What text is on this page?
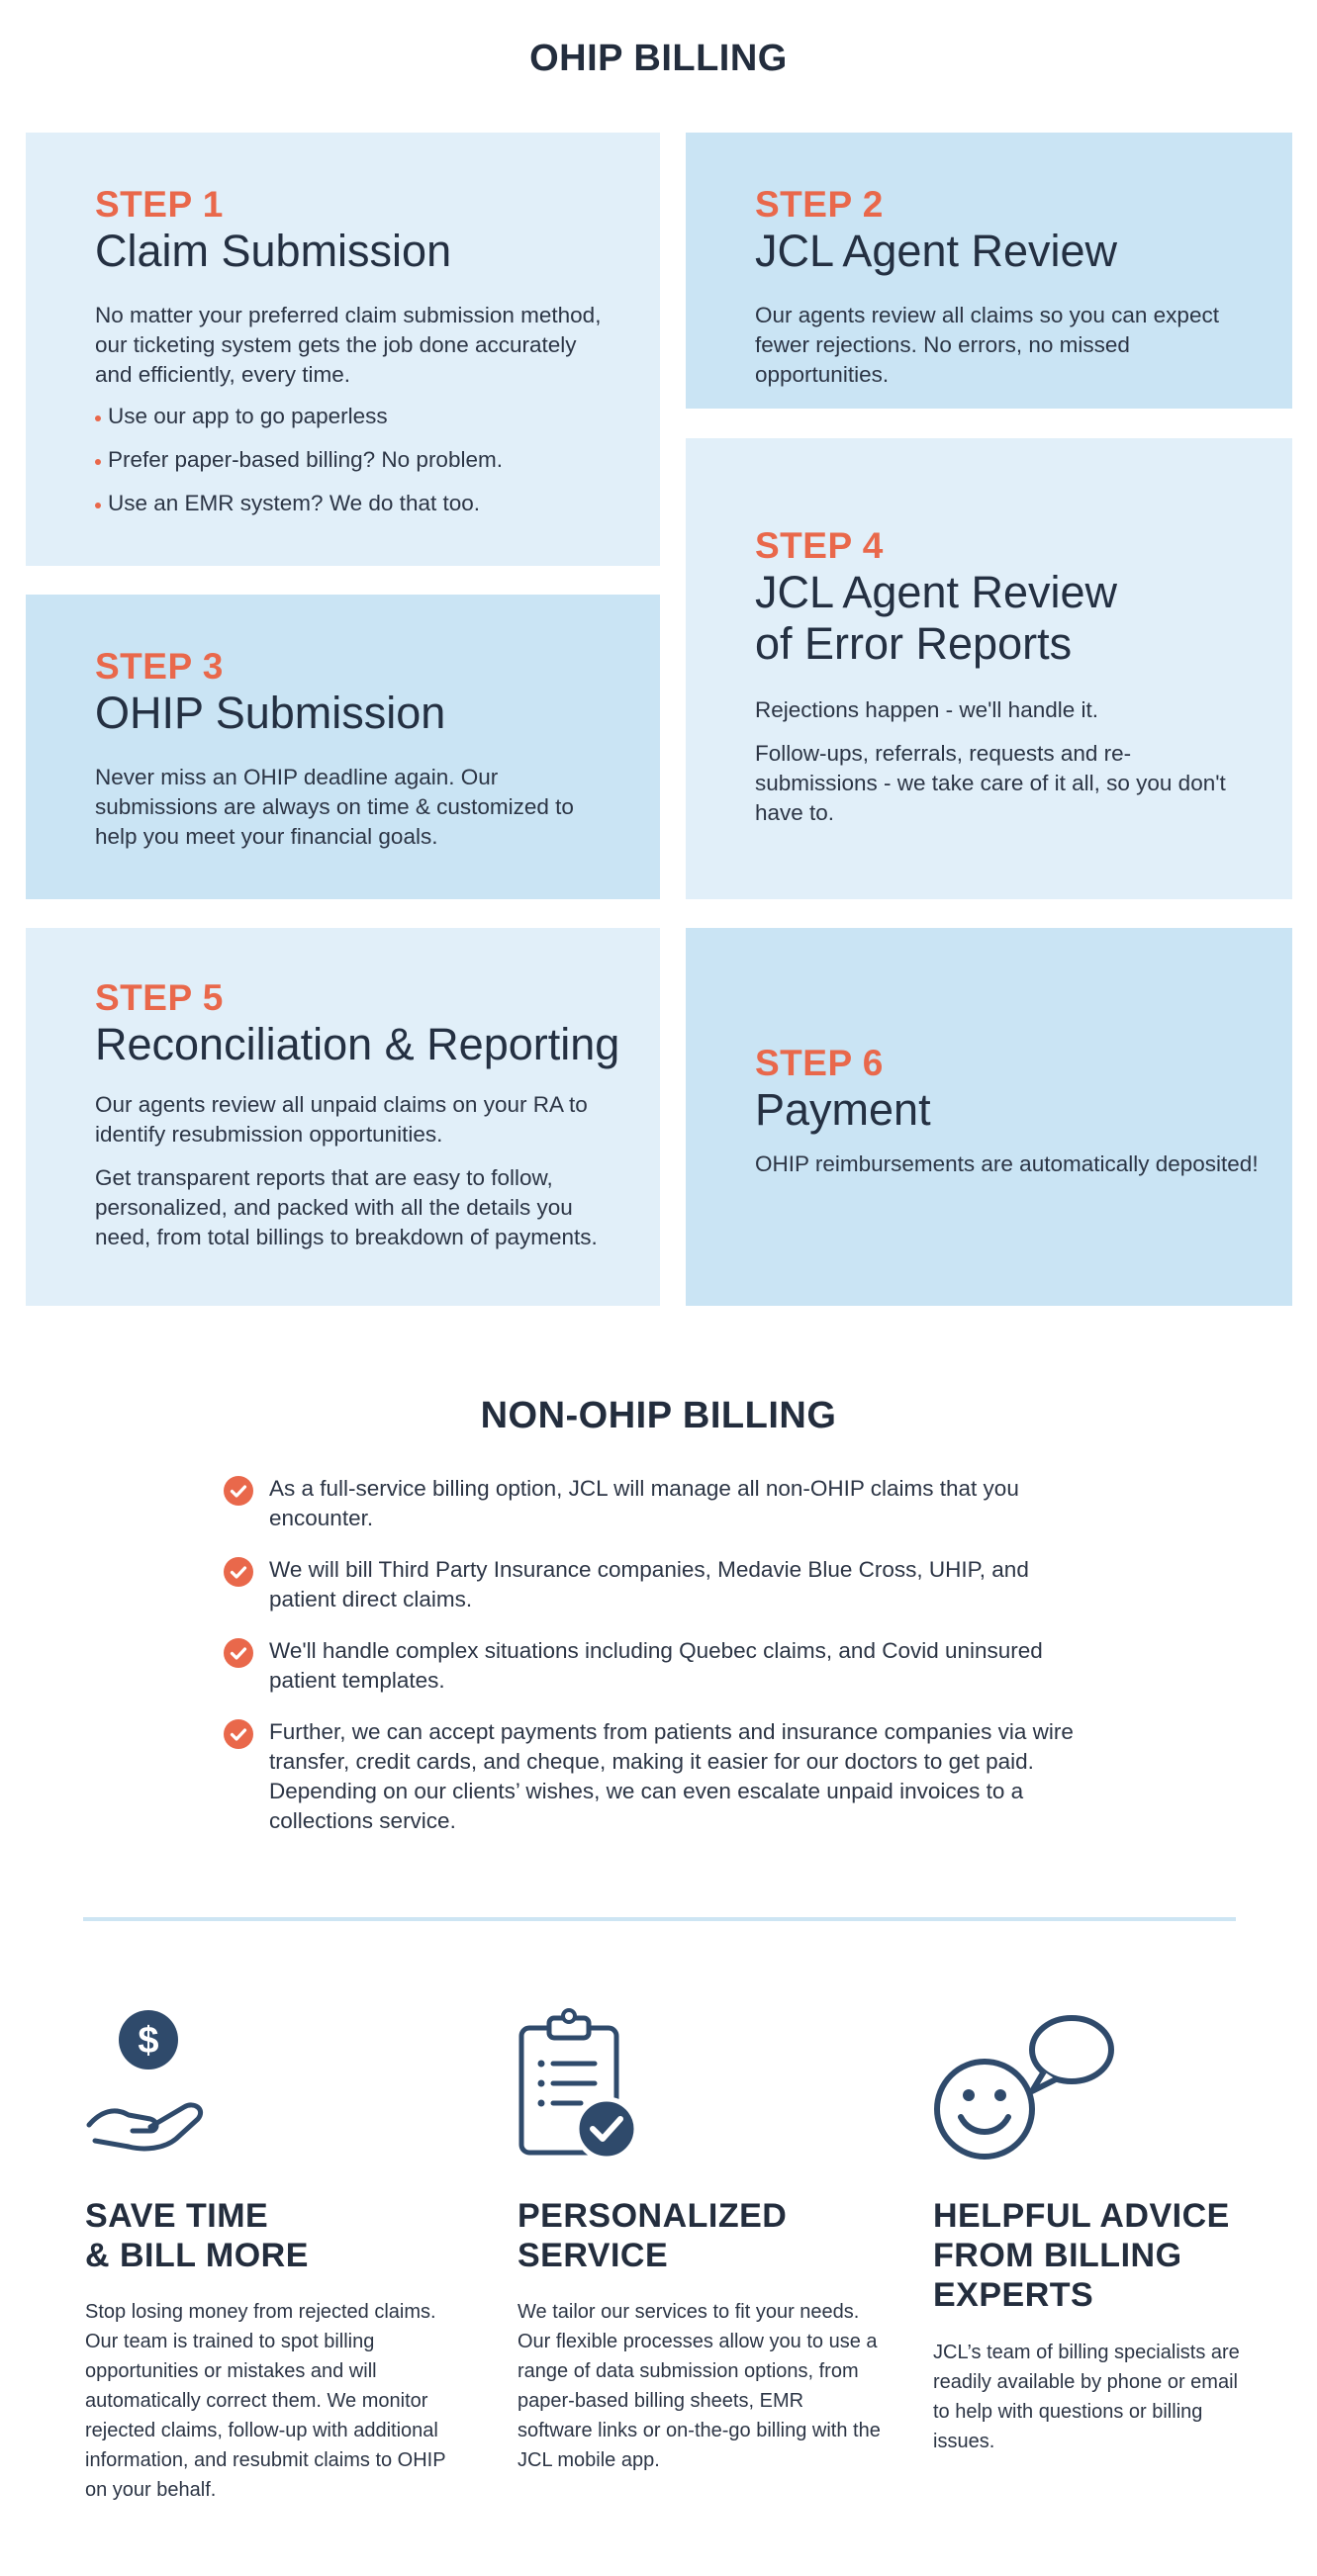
OHIP BILLING
STEP 1
Claim Submission

No matter your preferred claim submission method, our ticketing system gets the job done accurately and efficiently, every time.

Use our app to go paperless
Prefer paper-based billing? No problem.
Use an EMR system? We do that too.
STEP 2
JCL Agent Review

Our agents review all claims so you can expect fewer rejections. No errors, no missed opportunities.

STEP 3
OHIP Submission

Never miss an OHIP deadline again. Our submissions are always on time & customized to help you meet your financial goals.

STEP 4
JCL Agent Review
of Error Reports

Rejections happen - we'll handle it.

Follow-ups, referrals, requests and re-submissions - we take care of it all, so you don't have to.

STEP 5
Reconciliation & Reporting

Our agents review all unpaid claims on your RA to identify resubmission opportunities.

Get transparent reports that are easy to follow, personalized, and packed with all the details you need, from total billings to breakdown of payments.

STEP 6
Payment

OHIP reimbursements are automatically deposited!

NON-OHIP BILLING
As a full-service billing option, JCL will manage all non-OHIP claims that you encounter.
We will bill Third Party Insurance companies, Medavie Blue Cross, UHIP, and patient direct claims.
We'll handle complex situations including Quebec claims, and Covid uninsured patient templates.
Further, we can accept payments from patients and insurance companies via wire transfer, credit cards, and cheque, making it easier for our doctors to get paid. Depending on our clients’ wishes, we can even escalate unpaid invoices to a collections service.
$
SAVE TIME
& BILL MORE

Stop losing money from rejected claims. Our team is trained to spot billing opportunities or mistakes and will automatically correct them. We monitor rejected claims, follow-up with additional information, and resubmit claims to OHIP on your behalf.

PERSONALIZED
SERVICE

We tailor our services to fit your needs. Our flexible processes allow you to use a range of data submission options, from paper-based billing sheets, EMR software links or on-the-go billing with the JCL mobile app.

HELPFUL ADVICE
FROM BILLING
EXPERTS

JCL’s team of billing specialists are readily available by phone or email to help with questions or billing issues.
